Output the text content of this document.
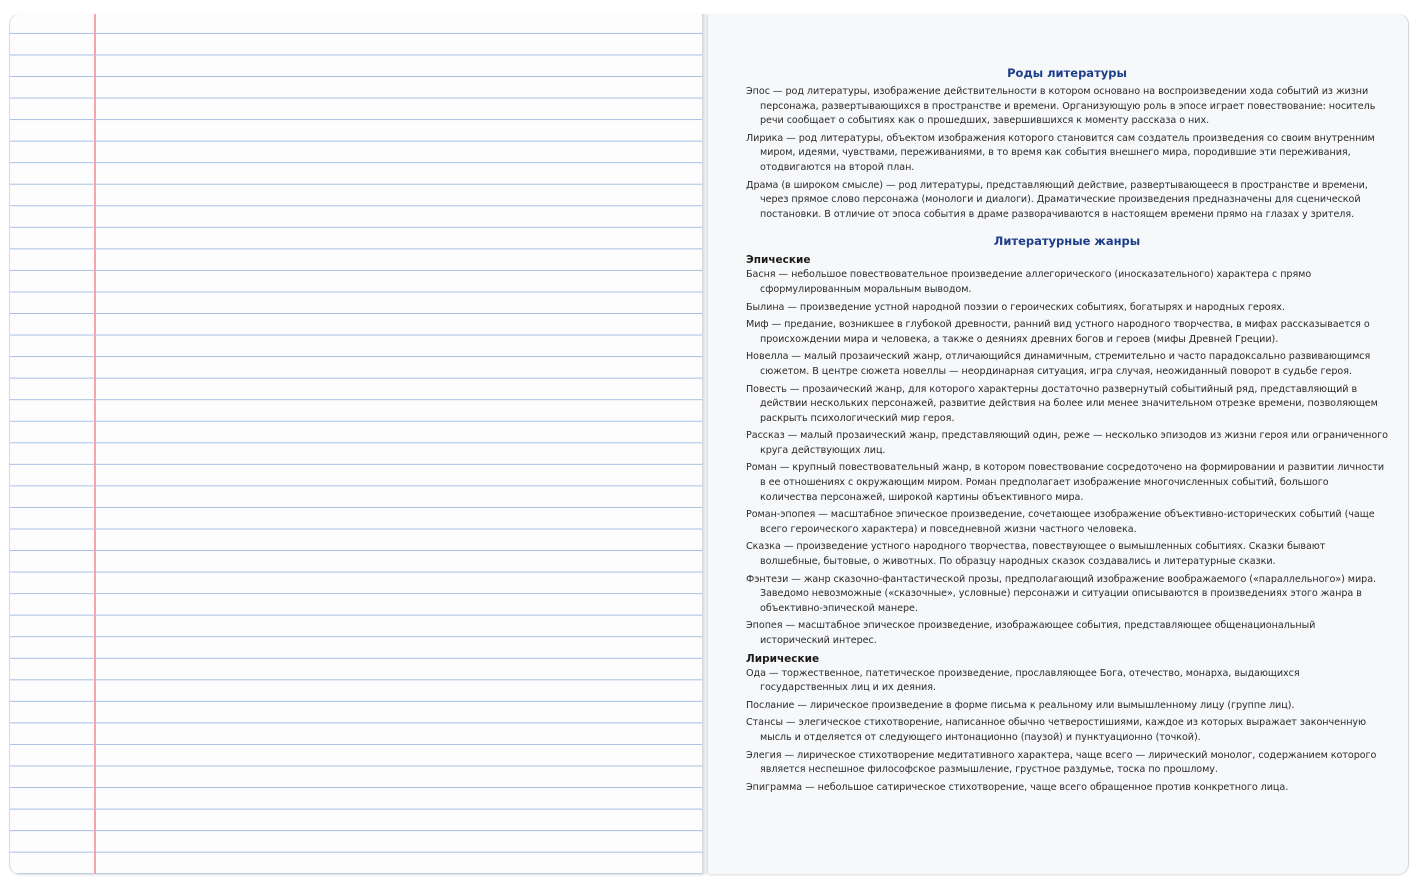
Роды литературы

Эпос — род литературы, изображение действительности в котором основано на воспроизведении хода событий из жизни персонажа, развертывающихся в пространстве и времени. Организующую роль в эпосе играет повествование: носитель речи сообщает о событиях как о прошедших, завершившихся к моменту рассказа о них.

Лирика — род литературы, объектом изображения которого становится сам создатель произведения со своим внутренним миром, идеями, чувствами, переживаниями, в то время как события внешнего мира, породившие эти переживания, отодвигаются на второй план.

Драма (в широком смысле) — род литературы, представляющий действие, развертывающееся в пространстве и времени, через прямое слово персонажа (монологи и диалоги). Драматические произведения предназначены для сценической постановки. В отличие от эпоса события в драме разворачиваются в настоящем времени прямо на глазах у зрителя.

Литературные жанры
Эпические

Басня — небольшое повествовательное произведение аллегорического (иносказательного) характера с прямо сформулированным моральным выводом.

Былина — произведение устной народной поэзии о героических событиях, богатырях и народных героях.

Миф — предание, возникшее в глубокой древности, ранний вид устного народного творчества, в мифах рассказывается о происхождении мира и человека, а также о деяниях древних богов и героев (мифы Древней Греции).

Новелла — малый прозаический жанр, отличающийся динамичным, стремительно и часто парадоксально развивающимся сюжетом. В центре сюжета новеллы — неординарная ситуация, игра случая, неожиданный поворот в судьбе героя.

Повесть — прозаический жанр, для которого характерны достаточно развернутый событийный ряд, представляющий в действии нескольких персонажей, развитие действия на более или менее значительном отрезке времени, позволяющем раскрыть психологический мир героя.

Рассказ — малый прозаический жанр, представляющий один, реже — несколько эпизодов из жизни героя или ограниченного круга действующих лиц.

Роман — крупный повествовательный жанр, в котором повествование сосредоточено на формировании и развитии личности в ее отношениях с окружающим миром. Роман предполагает изображение многочисленных событий, большого количества персонажей, широкой картины объективного мира.

Роман-эпопея — масштабное эпическое произведение, сочетающее изображение объективно-исторических событий (чаще всего героического характера) и повседневной жизни частного человека.

Сказка — произведение устного народного творчества, повествующее о вымышленных событиях. Сказки бывают волшебные, бытовые, о животных. По образцу народных сказок создавались и литературные сказки.

Фэнтези — жанр сказочно-фантастической прозы, предполагающий изображение воображаемого («параллельного») мира. Заведомо невозможные («сказочные», условные) персонажи и ситуации описываются в произведениях этого жанра в объективно-эпической манере.

Эпопея — масштабное эпическое произведение, изображающее события, представляющее общенациональный исторический интерес.

Лирические

Ода — торжественное, патетическое произведение, прославляющее Бога, отечество, монарха, выдающихся государственных лиц и их деяния.

Послание — лирическое произведение в форме письма к реальному или вымышленному лицу (группе лиц).

Стансы — элегическое стихотворение, написанное обычно четверостишиями, каждое из которых выражает законченную мысль и отделяется от следующего интонационно (паузой) и пунктуационно (точкой).

Элегия — лирическое стихотворение медитативного характера, чаще всего — лирический монолог, содержанием которого является неспешное философское размышление, грустное раздумье, тоска по прошлому.

Эпиграмма — небольшое сатирическое стихотворение, чаще всего обращенное против конкретного лица.
